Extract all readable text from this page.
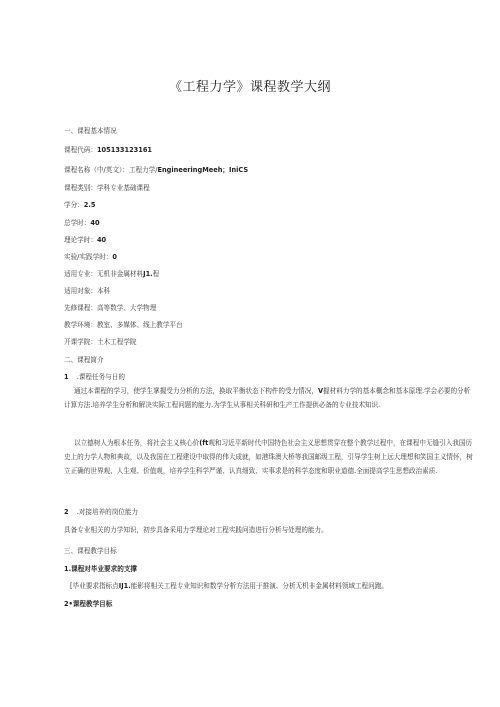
《工程力学》课程教学大纲
一、课程基本情况
课程代码：105133123161
课程名称（中/英文）：工程力学/EngineeringMeeh；IniCS
课程类别：学科专业基础课程
学分：2.5
总学时：40
理论学时：40
实验/实践学时：0
适用专业：无机非金属材料J1.程
适用对象：本科
先修课程：高等数学、大学物理
教学环境：教室、多媒体、线上教学平台
开课学院：土木工程学院
二、课程简介
1 .课程任务与日的
通过本课程的学习，使学生掌握受力分析的方法，换取平衡状态下构件的受力情况，V握材料力学的基本概念和基本原理.学会必要的分析计算方法.培养学生分析和解决实际工程问题的能力.为学生从事相关科研和生产工作提供必备的专业技术知识.
以立德树人为根本任务，将社会主义核心价(ft观和习近平新时代中国特色社会主义思想贯穿在整个教学过程中，在课程中无缝引入我国历史上的力学人物和典故，以及我国在工程建设中取得的伟大成就，如港珠澳大桥等我国邮级工程，引导学生树上远大理想和笑国主义情怀，树立正确的世界观、人生观、价值观，培养学生科学严谨、认真细致、实事求是的科学态度和职业道德.全面提高学生思想政治素质.
2 .对接培养的岗位能力
具备专业相关的力学知识，初步具备采用力学理论对工程实践问造进行分析与处理的能力。
三、课程教学目标
1.课程对毕业要求的支撑
[毕业要求指标点IJ1.能影将相关工程专业知识和数学分析方法用于推演、分析无机非金属材料领域工程问跑。
2•课程教学目标
